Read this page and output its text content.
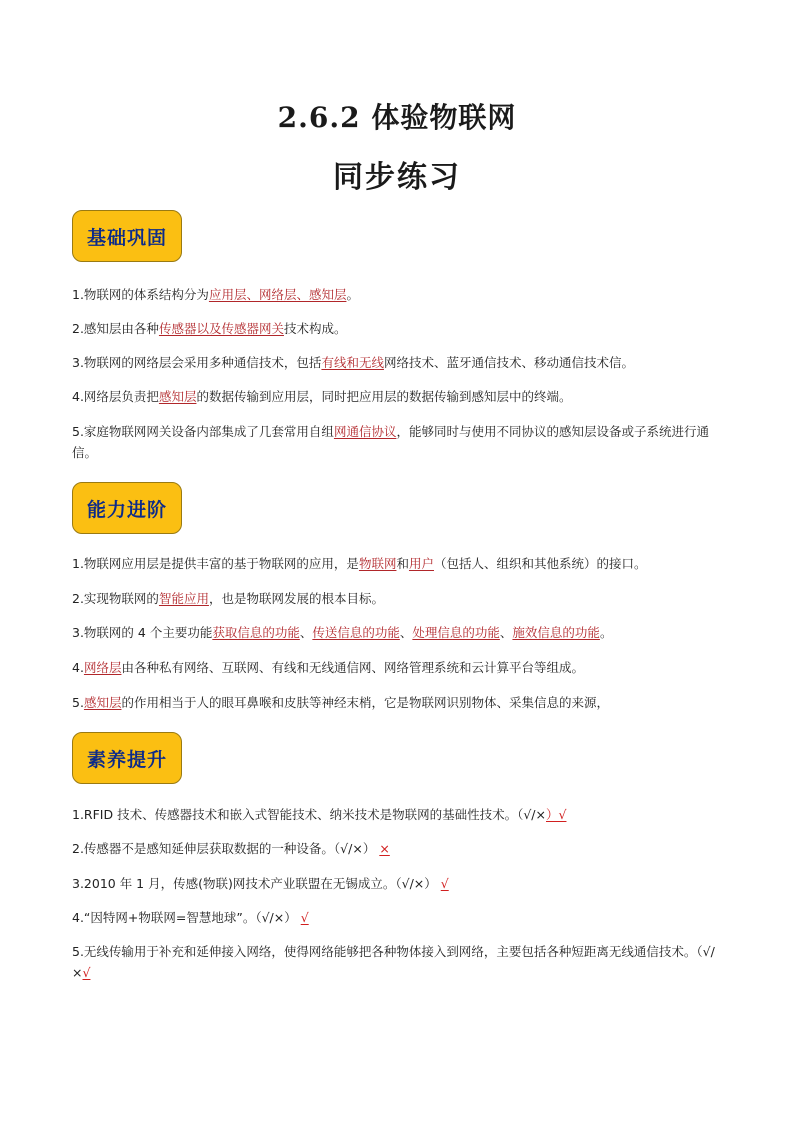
2.6.2 体验物联网
同步练习
基础巩固

1.物联网的体系结构分为应用层、网络层、感知层。

2.感知层由各种传感器以及传感器网关技术构成。

3.物联网的网络层会采用多种通信技术，包括有线和无线网络技术、蓝牙通信技术、移动通信技术信。

4.网络层负责把感知层的数据传输到应用层，同时把应用层的数据传输到感知层中的终端。

5.家庭物联网网关设备内部集成了几套常用自组网通信协议，能够同时与使用不同协议的感知层设备或子系统进行通信。

能力进阶

1.物联网应用层是提供丰富的基于物联网的应用，是物联网和用户（包括人、组织和其他系统）的接口。

2.实现物联网的智能应用，也是物联网发展的根本目标。

3.物联网的 4 个主要功能获取信息的功能、传送信息的功能、处理信息的功能、施效信息的功能。

4.网络层由各种私有网络、互联网、有线和无线通信网、网络管理系统和云计算平台等组成。

5.感知层的作用相当于人的眼耳鼻喉和皮肤等神经末梢，它是物联网识别物体、采集信息的来源，

素养提升

1.RFID 技术、传感器技术和嵌入式智能技术、纳米技术是物联网的基础性技术。（√/×）√

2.传感器不是感知延伸层获取数据的一种设备。（√/×） ×

3.2010 年 1 月，传感(物联)网技术产业联盟在无锡成立。（√/×） √

4.“因特网+物联网=智慧地球”。（√/×） √

5.无线传输用于补充和延伸接入网络，使得网络能够把各种物体接入到网络，主要包括各种短距离无线通信技术。（√/×√
